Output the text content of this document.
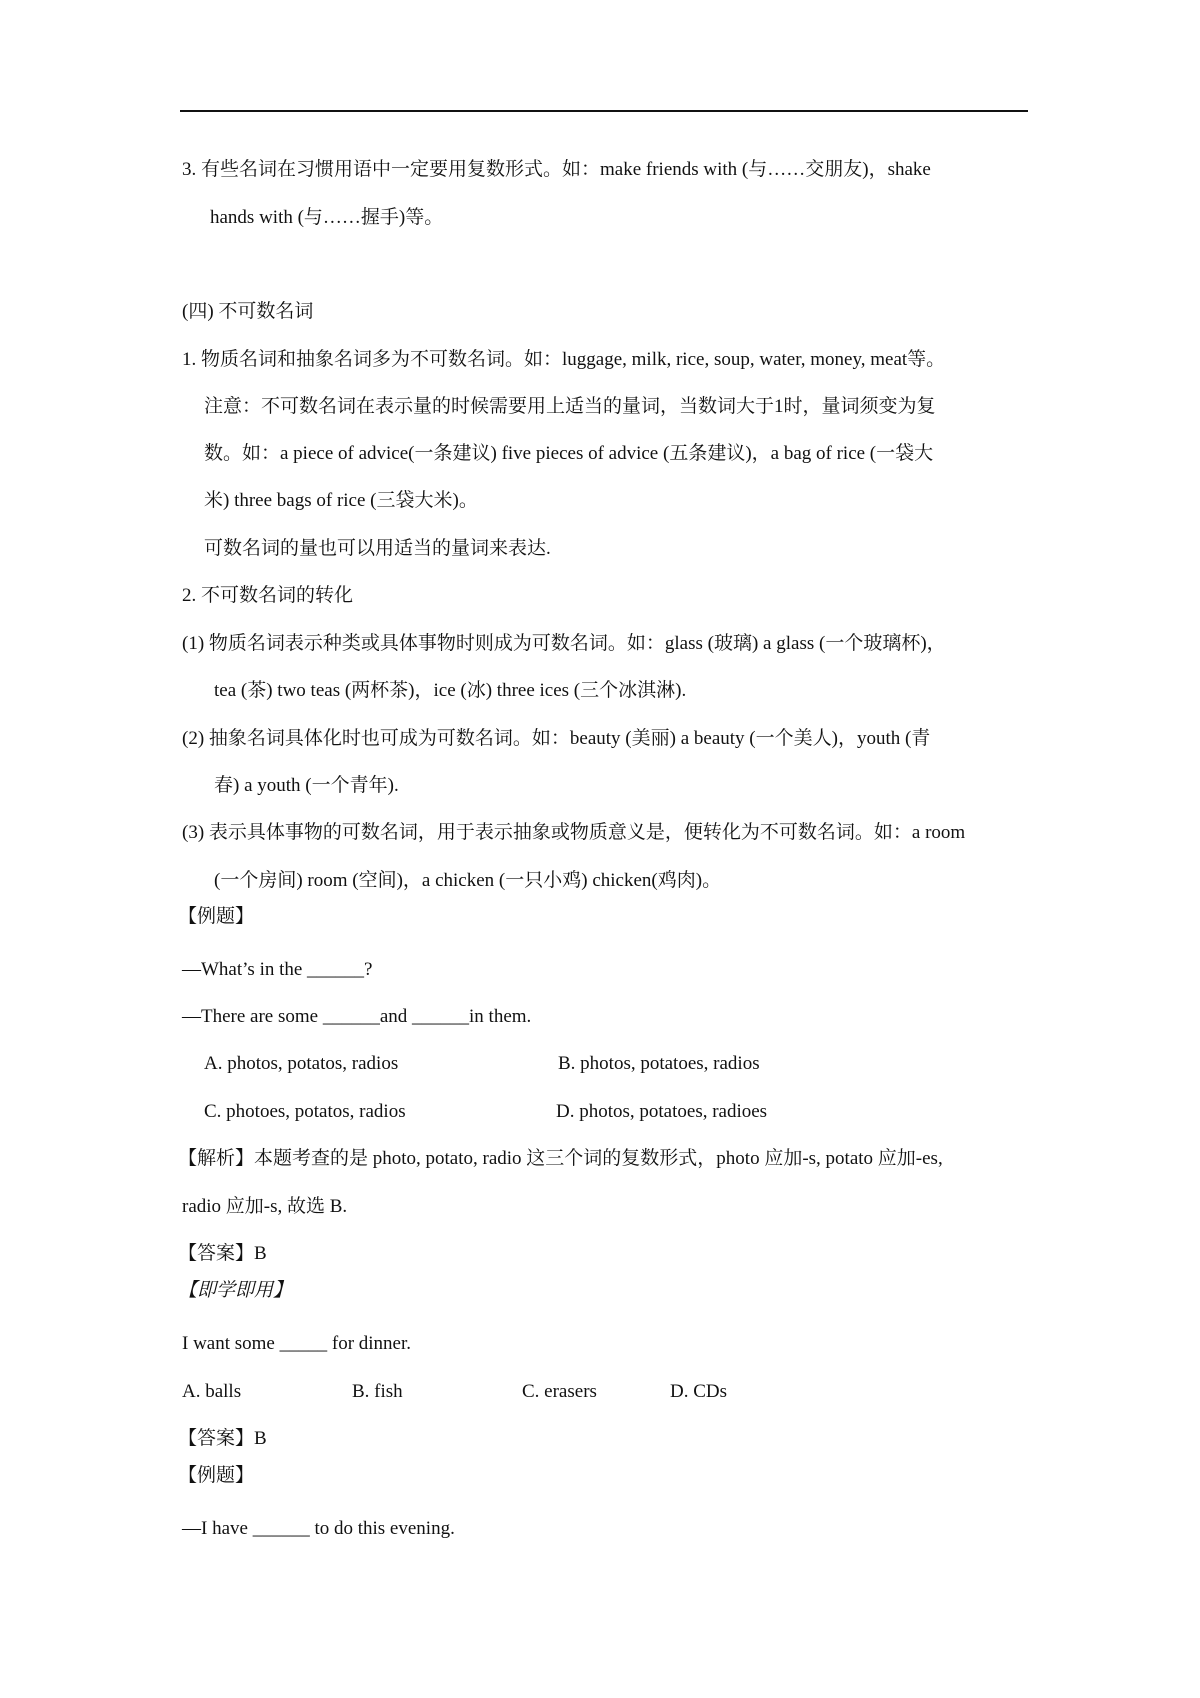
3. 有些名词在习惯用语中一定要用复数形式。如：make friends with (与……交朋友)，shake
hands with (与……握手)等。
(四) 不可数名词
1. 物质名词和抽象名词多为不可数名词。如：luggage, milk, rice, soup, water, money, meat等。
注意：不可数名词在表示量的时候需要用上适当的量词，当数词大于1时，量词须变为复
数。如：a piece of advice(一条建议) five pieces of advice (五条建议)，a bag of rice (一袋大
米) three bags of rice (三袋大米)。
可数名词的量也可以用适当的量词来表达.
2. 不可数名词的转化
(1) 物质名词表示种类或具体事物时则成为可数名词。如：glass (玻璃) a glass (一个玻璃杯)，
tea (茶) two teas (两杯茶)，ice (冰) three ices (三个冰淇淋).
(2) 抽象名词具体化时也可成为可数名词。如：beauty (美丽) a beauty (一个美人)，youth (青
春) a youth (一个青年).
(3) 表示具体事物的可数名词，用于表示抽象或物质意义是，便转化为不可数名词。如：a room
(一个房间) room (空间)，a chicken (一只小鸡) chicken(鸡肉)。
【例题】
—What’s in the ______?
—There are some ______and ______in them.
A. photos, potatos, radios	B. photos, potatoes, radios
C. photoes, potatos, radios	D. photos, potatoes, radioes
【解析】本题考查的是 photo, potato, radio 这三个词的复数形式，photo 应加-s, potato 应加-es,
radio 应加-s, 故选 B.
【答案】B
【即学即用】
I want some _____ for dinner.
A. balls	B. fish	C. erasers	D. CDs
【答案】B
【例题】
—I have ______ to do this evening.
